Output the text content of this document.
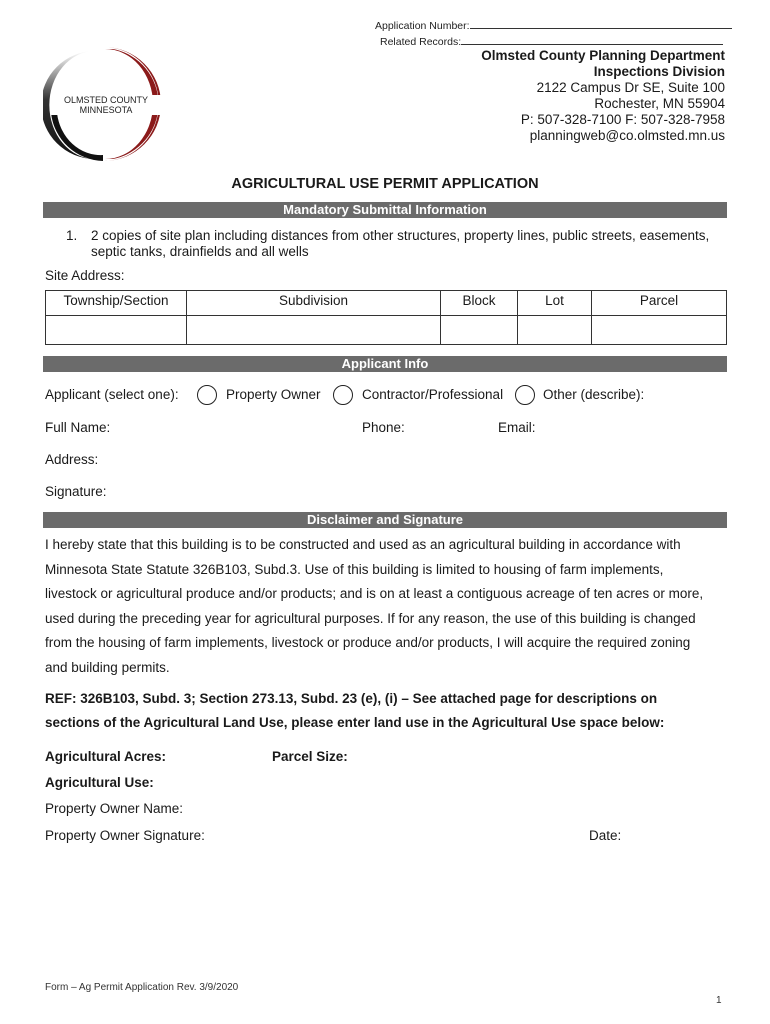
Application Number:
Related Records:
OLMSTED COUNTY
MINNESOTA
Olmsted County Planning Department
Inspections Division
2122 Campus Dr SE, Suite 100
Rochester, MN 55904
P: 507-328-7100 F: 507-328-7958
planningweb@co.olmsted.mn.us
AGRICULTURAL USE PERMIT APPLICATION
Mandatory Submittal Information
1. 2 copies of site plan including distances from other structures, property lines, public streets, easements,
septic tanks, drainfields and all wells
Site Address:
Township/Section	Subdivision	Block	Lot	Parcel

Applicant Info
Applicant (select one):	Property Owner	Contractor/Professional	Other (describe):
Full Name:	Phone:	Email:
Address:
Signature:
Disclaimer and Signature
I hereby state that this building is to be constructed and used as an agricultural building in accordance with
Minnesota State Statute 326B103, Subd.3. Use of this building is limited to housing of farm implements,
livestock or agricultural produce and/or products; and is on at least a contiguous acreage of ten acres or more,
used during the preceding year for agricultural purposes. If for any reason, the use of this building is changed
from the housing of farm implements, livestock or produce and/or products, I will acquire the required zoning
and building permits.
REF: 326B103, Subd. 3; Section 273.13, Subd. 23 (e), (i) – See attached page for descriptions on
sections of the Agricultural Land Use, please enter land use in the Agricultural Use space below:
Agricultural Acres:	Parcel Size:
Agricultural Use:
Property Owner Name:
Property Owner Signature:	Date:
Form – Ag Permit Application Rev. 3/9/2020
1
